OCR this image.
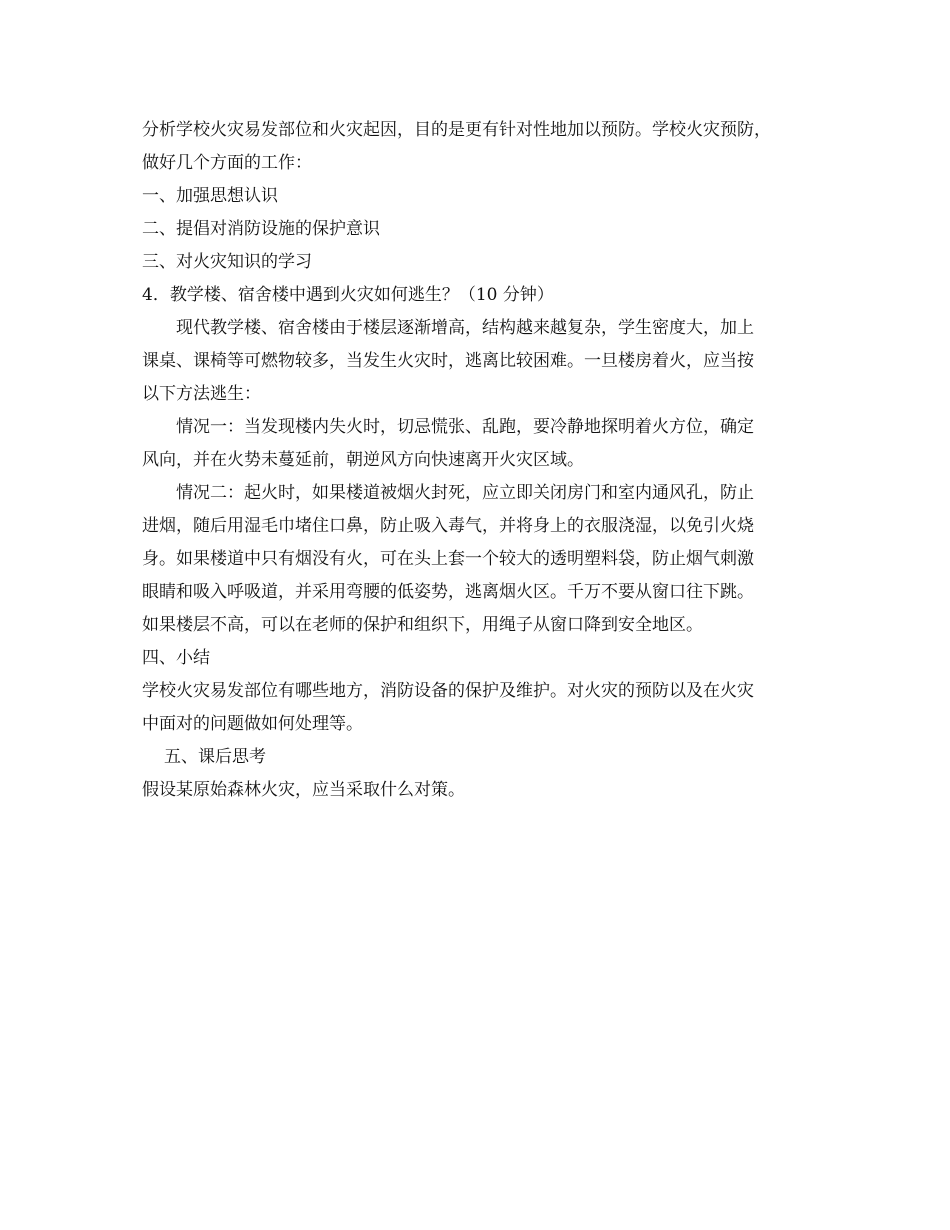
分析学校火灾易发部位和火灾起因，目的是更有针对性地加以预防。学校火灾预防，

做好几个方面的工作：

一、加强思想认识

二、提倡对消防设施的保护意识

三、对火灾知识的学习

4．教学楼、宿舍楼中遇到火灾如何逃生？（10 分钟）

现代教学楼、宿舍楼由于楼层逐渐增高，结构越来越复杂，学生密度大，加上

课桌、课椅等可燃物较多，当发生火灾时，逃离比较困难。一旦楼房着火，应当按

以下方法逃生：

情况一：当发现楼内失火时，切忌慌张、乱跑，要冷静地探明着火方位，确定

风向，并在火势未蔓延前，朝逆风方向快速离开火灾区域。

情况二：起火时，如果楼道被烟火封死，应立即关闭房门和室内通风孔，防止

进烟，随后用湿毛巾堵住口鼻，防止吸入毒气，并将身上的衣服浇湿，以免引火烧

身。如果楼道中只有烟没有火，可在头上套一个较大的透明塑料袋，防止烟气刺激

眼睛和吸入呼吸道，并采用弯腰的低姿势，逃离烟火区。千万不要从窗口往下跳。

如果楼层不高，可以在老师的保护和组织下，用绳子从窗口降到安全地区。

四、小结

学校火灾易发部位有哪些地方，消防设备的保护及维护。对火灾的预防以及在火灾

中面对的问题做如何处理等。

五、课后思考

假设某原始森林火灾，应当采取什么对策。
